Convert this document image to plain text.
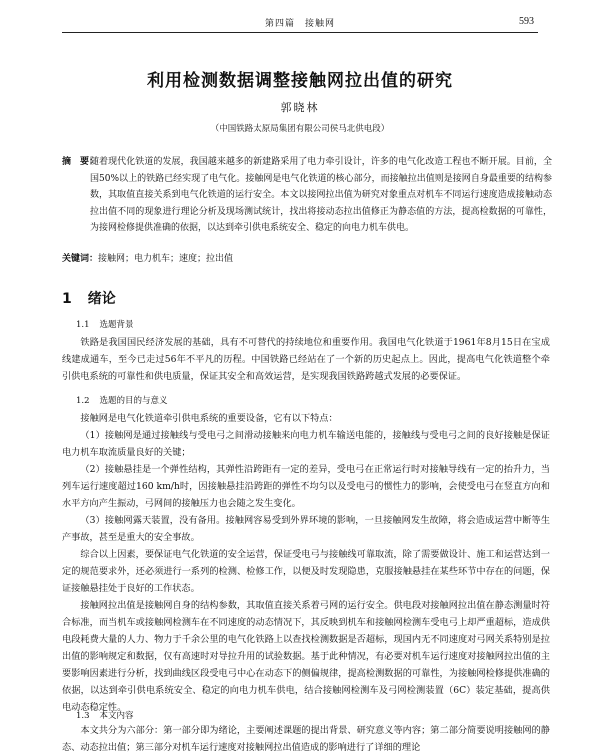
第四篇　接触网	593
利用检测数据调整接触网拉出值的研究
郭晓林
（中国铁路太原局集团有限公司侯马北供电段）
摘　要：
随着现代化铁道的发展，我国越来越多的新建路采用了电力牵引设计，许多的电气化改造工程也不断开展。目前，全国50%以上的铁路已经实现了电气化。接触网是电气化铁道的核心部分，而接触拉出值则是接网自身最重要的结构参数，其取值直接关系到电气化铁道的运行安全。本文以接网拉出值为研究对象重点对机车不同运行速度造成接触动态拉出值不同的现象进行理论分析及现场测试统计，找出将接动态拉出值修正为静态值的方法，提高检数据的可靠性，为接网检修提供准确的依据，以达到牵引供电系统安全、稳定的向电力机车供电。
关键词：接触网；电力机车；速度；拉出值
1 绪论
1.1 选题背景

铁路是我国国民经济发展的基础，具有不可替代的持续地位和重要作用。我国电气化铁道于1961年8月15日在宝成线建成通车，至今已走过56年不平凡的历程。中国铁路已经站在了一个新的历史起点上。因此，提高电气化铁道整个牵引供电系统的可靠性和供电质量，保证其安全和高效运营，是实现我国铁路跨越式发展的必要保证。

1.2 选题的目的与意义

接触网是电气化铁道牵引供电系统的重要设备，它有以下特点：

（1）接触网是通过接触线与受电弓之间滑动接触来向电力机车输送电能的，接触线与受电弓之间的良好接触是保证电力机车取流质量良好的关键；

（2）接触悬挂是一个弹性结构，其弹性沿跨距有一定的差异，受电弓在正常运行时对接触导线有一定的抬升力，当列车运行速度超过160 km/h时，因接触悬挂沿跨距的弹性不均匀以及受电弓的惯性力的影响，会使受电弓在竖直方向和水平方向产生振动，弓网间的接触压力也会随之发生变化。

（3）接触网露天装置，没有备用。接触网容易受到外界环境的影响，一旦接触网发生故障，将会造成运营中断等生产事故，甚至是重大的安全事故。

综合以上因素，要保证电气化铁道的安全运营，保证受电弓与接触线可靠取流，除了需要做设计、施工和运营达到一定的规范要求外，还必须进行一系列的检测、检修工作，以便及时发现隐患，克服接触悬挂在某些环节中存在的问题，保证接触悬挂处于良好的工作状态。

接触网拉出值是接触网自身的结构参数，其取值直接关系着弓网的运行安全。供电段对接触网拉出值在静态测量时符合标准，而当机车或接触网检测车在不同速度的动态情况下，其反映到机车和接触网检测车受电弓上却严重超标，造成供电段耗费大量的人力、物力于千余公里的电气化铁路上以查找检测数据是否超标，现国内无不同速度对弓网关系特别是拉出值的影响规定和数据，仅有高速时对导拉升用的试验数据。基于此种情况，有必要对机车运行速度对接触网拉出值的主要影响因素进行分析，找到曲线区段受电弓中心在动态下的侧偏规律，提高检测数据的可靠性，为接触网检修提供准确的依据，以达到牵引供电系统安全、稳定的向电力机车供电，结合接触网检测车及弓网检测装置（6C）装定基础，提高供电动态稳定性。

1.3 本文内容

本文共分为六部分：第一部分即为绪论，主要阐述课题的提出背景、研究意义等内容；第二部分简要说明接触网的静态、动态拉出值；第三部分对机车运行速度对接触网拉出值造成的影响进行了详细的理论
